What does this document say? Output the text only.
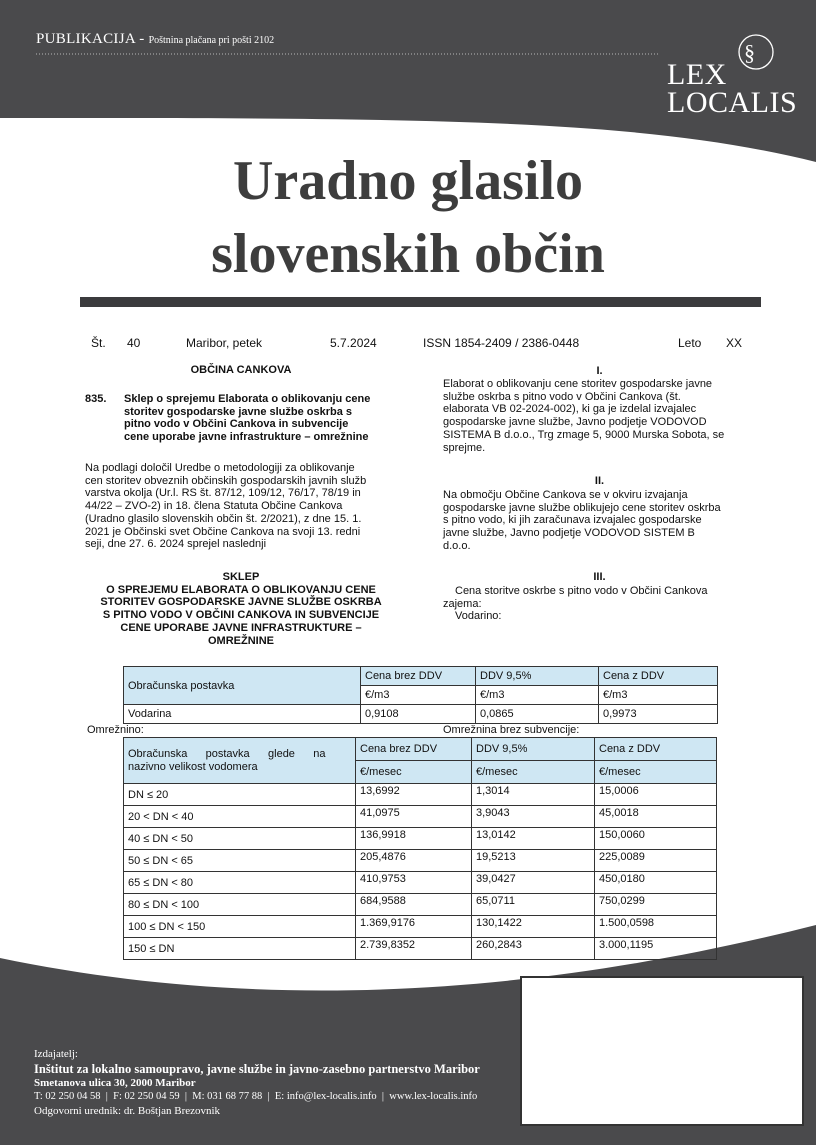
PUBLIKACIJA - Poštnina plačana pri pošti 2102	§
LEX
LOCALIS
Uradno glasilo
slovenskih občin
Št. 40	Maribor, petek	5.7.2024	ISSN 1854-2409 / 2386-0448	Leto XX
OBČINA CANKOVA
835. Sklep o sprejemu Elaborata o oblikovanju cene
storitev gospodarske javne službe oskrba s
pitno vodo v Občini Cankova in subvencije
cene uporabe javne infrastrukture – omrežnine
Na podlagi določil Uredbe o metodologiji za oblikovanje
cen storitev obveznih občinskih gospodarskih javnih služb
varstva okolja (Ur.l. RS št. 87/12, 109/12, 76/17, 78/19 in
44/22 – ZVO-2) in 18. člena Statuta Občine Cankova
(Uradno glasilo slovenskih občin št. 2/2021), z dne 15. 1.
2021 je Občinski svet Občine Cankova na svoji 13. redni
seji, dne 27. 6. 2024 sprejel naslednji
SKLEP
O SPREJEMU ELABORATA O OBLIKOVANJU CENE
STORITEV GOSPODARSKE JAVNE SLUŽBE OSKRBA
S PITNO VODO V OBČINI CANKOVA IN SUBVENCIJE
CENE UPORABE JAVNE INFRASTRUKTURE –
OMREŽNINE
I.
Elaborat o oblikovanju cene storitev gospodarske javne
službe oskrba s pitno vodo v Občini Cankova (št.
elaborata VB 02-2024-002), ki ga je izdelal izvajalec
gospodarske javne službe, Javno podjetje VODOVOD
SISTEMA B d.o.o., Trg zmage 5, 9000 Murska Sobota, se
sprejme.
II.
Na območju Občine Cankova se v okviru izvajanja
gospodarske javne službe oblikujejo cene storitev oskrba
s pitno vodo, ki jih zaračunava izvajalec gospodarske
javne službe, Javno podjetje VODOVOD SISTEM B
d.o.o.
III.
Cena storitve oskrbe s pitno vodo v Občini Cankova
zajema:
Vodarino:
Obračunska postavka	Cena brez DDV	DDV 9,5%	Cena z DDV
	€/m3	€/m3	€/m3
Vodarina	0,9108	0,0865	0,9973
Omrežnino:	Omrežnina brez subvencije:
Obračunska      postavka      glede      na
nazivno velikost vodomera	Cena brez DDV	DDV 9,5%	Cena z DDV
	€/mesec	€/mesec	€/mesec
DN ≤ 20	13,6992	1,3014	15,0006
20 < DN < 40	41,0975	3,9043	45,0018
40 ≤ DN < 50	136,9918	13,0142	150,0060
50 ≤ DN < 65	205,4876	19,5213	225,0089
65 ≤ DN < 80	410,9753	39,0427	450,0180
80 ≤ DN < 100	684,9588	65,0711	750,0299
100 ≤ DN < 150	1.369,9176	130,1422	1.500,0598
150 ≤ DN	2.739,8352	260,2843	3.000,1195
Izdajatelj:
Inštitut za lokalno samoupravo, javne službe in javno-zasebno partnerstvo Maribor
Smetanova ulica 30, 2000 Maribor
T: 02 250 04 58  |  F: 02 250 04 59  |  M: 031 68 77 88  |  E: info@lex-localis.info  |  www.lex-localis.info
Odgovorni urednik: dr. Boštjan Brezovnik
